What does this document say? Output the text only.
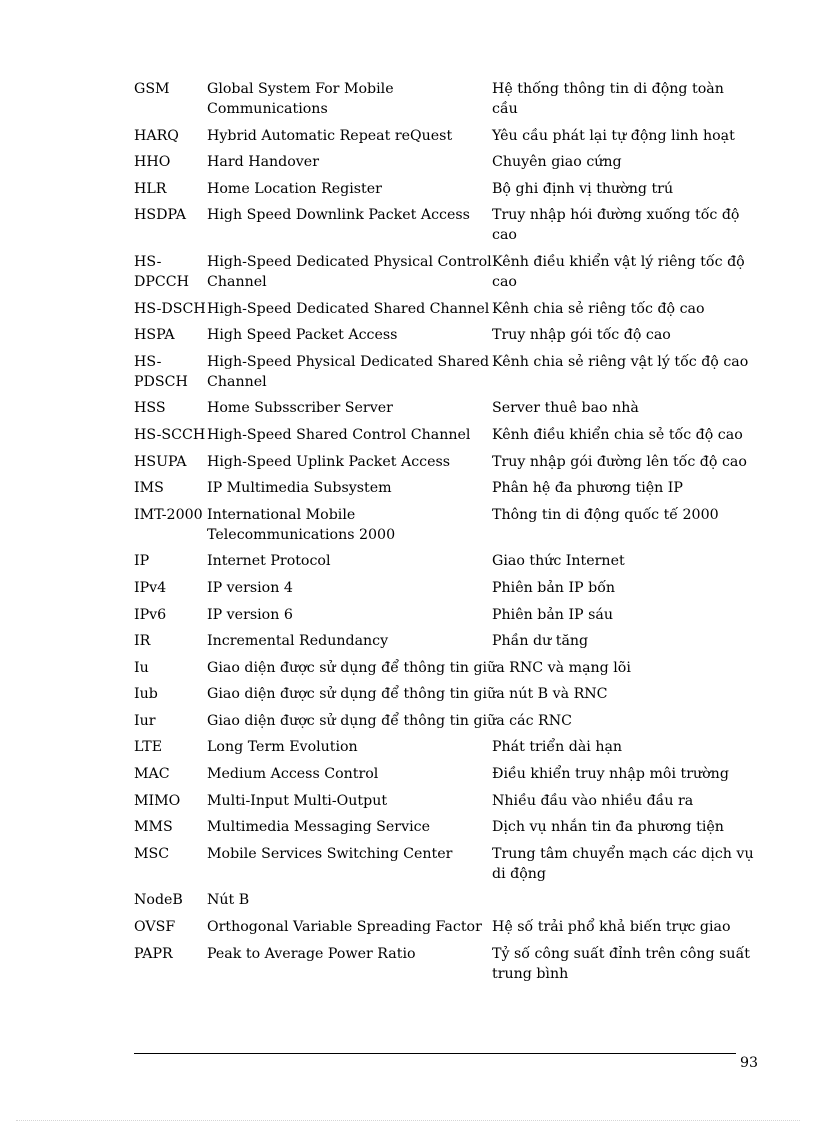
GSM	Global System For Mobile Communications	Hệ thống thông tin di động toàn cầu
HARQ	Hybrid Automatic Repeat reQuest	Yêu cầu phát lại tự động linh hoạt
HHO	Hard Handover	Chuyên giao cứng
HLR	Home Location Register	Bộ ghi định vị thường trú
HSDPA	High Speed Downlink Packet Access	Truy nhập hói đường xuống tốc độ cao
HS-DPCCH	High-Speed Dedicated Physical Control Channel	Kênh điều khiển vật lý riêng tốc độ cao
HS-DSCH	High-Speed Dedicated Shared Channel	Kênh chia sẻ riêng tốc độ cao
HSPA	High Speed Packet Access	Truy nhập gói tốc độ cao
HS-PDSCH	High-Speed Physical Dedicated Shared Channel	Kênh chia sẻ riêng vật lý tốc độ cao
HSS	Home Subsscriber Server	Server thuê bao nhà
HS-SCCH	High-Speed Shared Control Channel	Kênh điều khiển chia sẻ tốc độ cao
HSUPA	High-Speed Uplink Packet Access	Truy nhập gói đường lên tốc độ cao
IMS	IP Multimedia Subsystem	Phân hệ đa phương tiện IP
IMT-2000	International Mobile Telecommunications 2000	Thông tin di động quốc tế 2000
IP	Internet Protocol	Giao thức Internet
IPv4	IP version 4	Phiên bản IP bốn
IPv6	IP version 6	Phiên bản IP sáu
IR	Incremental Redundancy	Phần dư tăng
Iu	Giao diện được sử dụng để thông tin giữa RNC và mạng lõi	
Iub	Giao diện được sử dụng để thông tin giữa nút B và RNC	
Iur	Giao diện được sử dụng để thông tin giữa các RNC	
LTE	Long Term Evolution	Phát triển dài hạn
MAC	Medium Access Control	Điều khiển truy nhập môi trường
MIMO	Multi-Input Multi-Output	Nhiều đầu vào nhiều đầu ra
MMS	Multimedia Messaging Service	Dịch vụ nhắn tin đa phương tiện
MSC	Mobile Services Switching Center	Trung tâm chuyển mạch các dịch vụ di động
NodeB	Nút B	
OVSF	Orthogonal Variable Spreading Factor	Hệ số trải phổ khả biến trực giao
PAPR	Peak to Average Power Ratio	Tỷ số công suất đỉnh trên công suất trung bình
93
